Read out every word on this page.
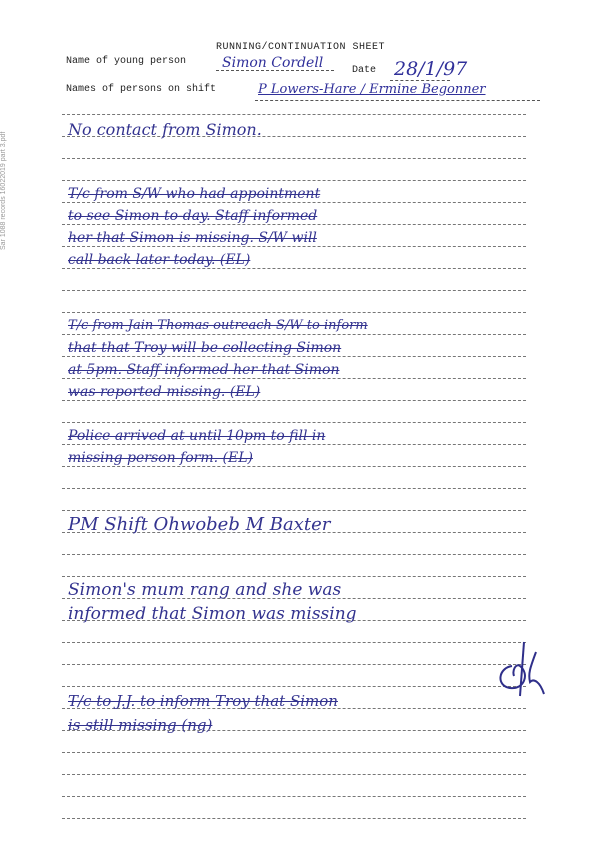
Sar 1088 records 16022019 part 3.pdf
RUNNING/CONTINUATION SHEET
Name of young person	Simon Cordell	Date 28/1/97
Names of persons on shift	P Lowers-Hare / Ermine Begonner
No contact from Simon.
T/c from S/W who had appointment
to see Simon to-day. Staff informed
her that Simon is missing. S/W will
call back later today. (EL)
T/c from Jain Thomas outreach S/W to inform
that that Troy will be collecting Simon
at 5pm. Staff informed her that Simon
was reported missing. (EL)
Police arrived at until 10pm to fill in
missing person form. (EL)
PM Shift Ohwobeb M Baxter
Simon's mum rang and she was
informed that Simon was missing
T/c to J.J. to inform Troy that Simon
is still missing (ng)
